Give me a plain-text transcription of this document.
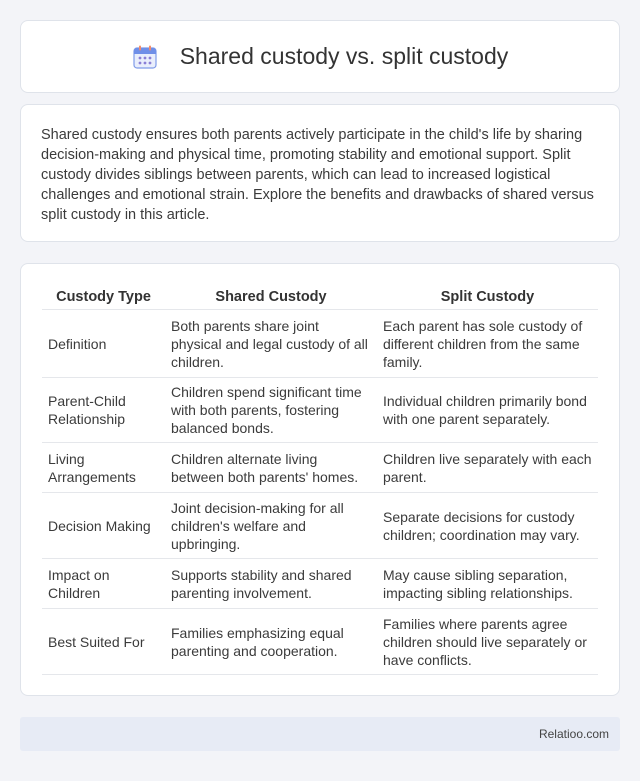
Shared custody vs. split custody

Shared custody ensures both parents actively participate in the child's life by sharing decision-making and physical time, promoting stability and emotional support. Split custody divides siblings between parents, which can lead to increased logistical challenges and emotional strain. Explore the benefits and drawbacks of shared versus split custody in this article.

Custody Type	Shared Custody	Split Custody
Definition	Both parents share joint physical and legal custody of all children.	Each parent has sole custody of different children from the same family.
Parent-Child Relationship	Children spend significant time with both parents, fostering balanced bonds.	Individual children primarily bond with one parent separately.
Living Arrangements	Children alternate living between both parents' homes.	Children live separately with each parent.
Decision Making	Joint decision-making for all children's welfare and upbringing.	Separate decisions for custody children; coordination may vary.
Impact on Children	Supports stability and shared parenting involvement.	May cause sibling separation, impacting sibling relationships.
Best Suited For	Families emphasizing equal parenting and cooperation.	Families where parents agree children should live separately or have conflicts.
Relatioo.com
